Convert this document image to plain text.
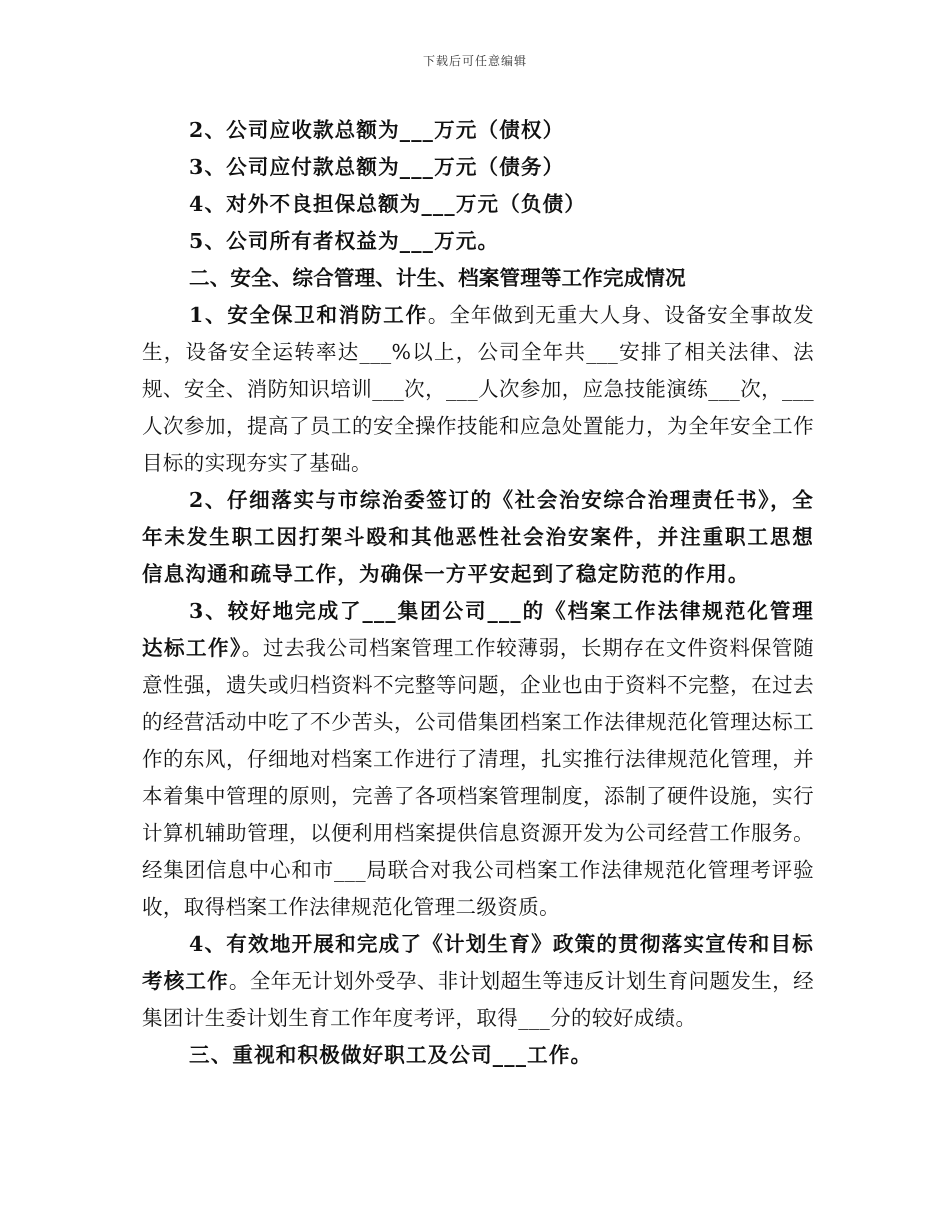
下载后可任意编辑

2、公司应收款总额为___万元（债权）

3、公司应付款总额为___万元（债务）

4、对外不良担保总额为___万元（负债）

5、公司所有者权益为___万元。

二、安全、综合管理、计生、档案管理等工作完成情况

1、安全保卫和消防工作。全年做到无重大人身、设备安全事故发生，设备安全运转率达___%以上，公司全年共___安排了相关法律、法规、安全、消防知识培训___次，___人次参加，应急技能演练___次，___人次参加，提高了员工的安全操作技能和应急处置能力，为全年安全工作目标的实现夯实了基础。

2、仔细落实与市综治委签订的《社会治安综合治理责任书》，全年未发生职工因打架斗殴和其他恶性社会治安案件，并注重职工思想信息沟通和疏导工作，为确保一方平安起到了稳定防范的作用。

3、较好地完成了___集团公司___的《档案工作法律规范化管理达标工作》。过去我公司档案管理工作较薄弱，长期存在文件资料保管随意性强，遗失或归档资料不完整等问题，企业也由于资料不完整，在过去的经营活动中吃了不少苦头，公司借集团档案工作法律规范化管理达标工作的东风，仔细地对档案工作进行了清理，扎实推行法律规范化管理，并本着集中管理的原则，完善了各项档案管理制度，添制了硬件设施，实行计算机辅助管理，以便利用档案提供信息资源开发为公司经营工作服务。经集团信息中心和市___局联合对我公司档案工作法律规范化管理考评验收，取得档案工作法律规范化管理二级资质。

4、有效地开展和完成了《计划生育》政策的贯彻落实宣传和目标考核工作。全年无计划外受孕、非计划超生等违反计划生育问题发生，经集团计生委计划生育工作年度考评，取得___分的较好成绩。

三、重视和积极做好职工及公司___工作。
